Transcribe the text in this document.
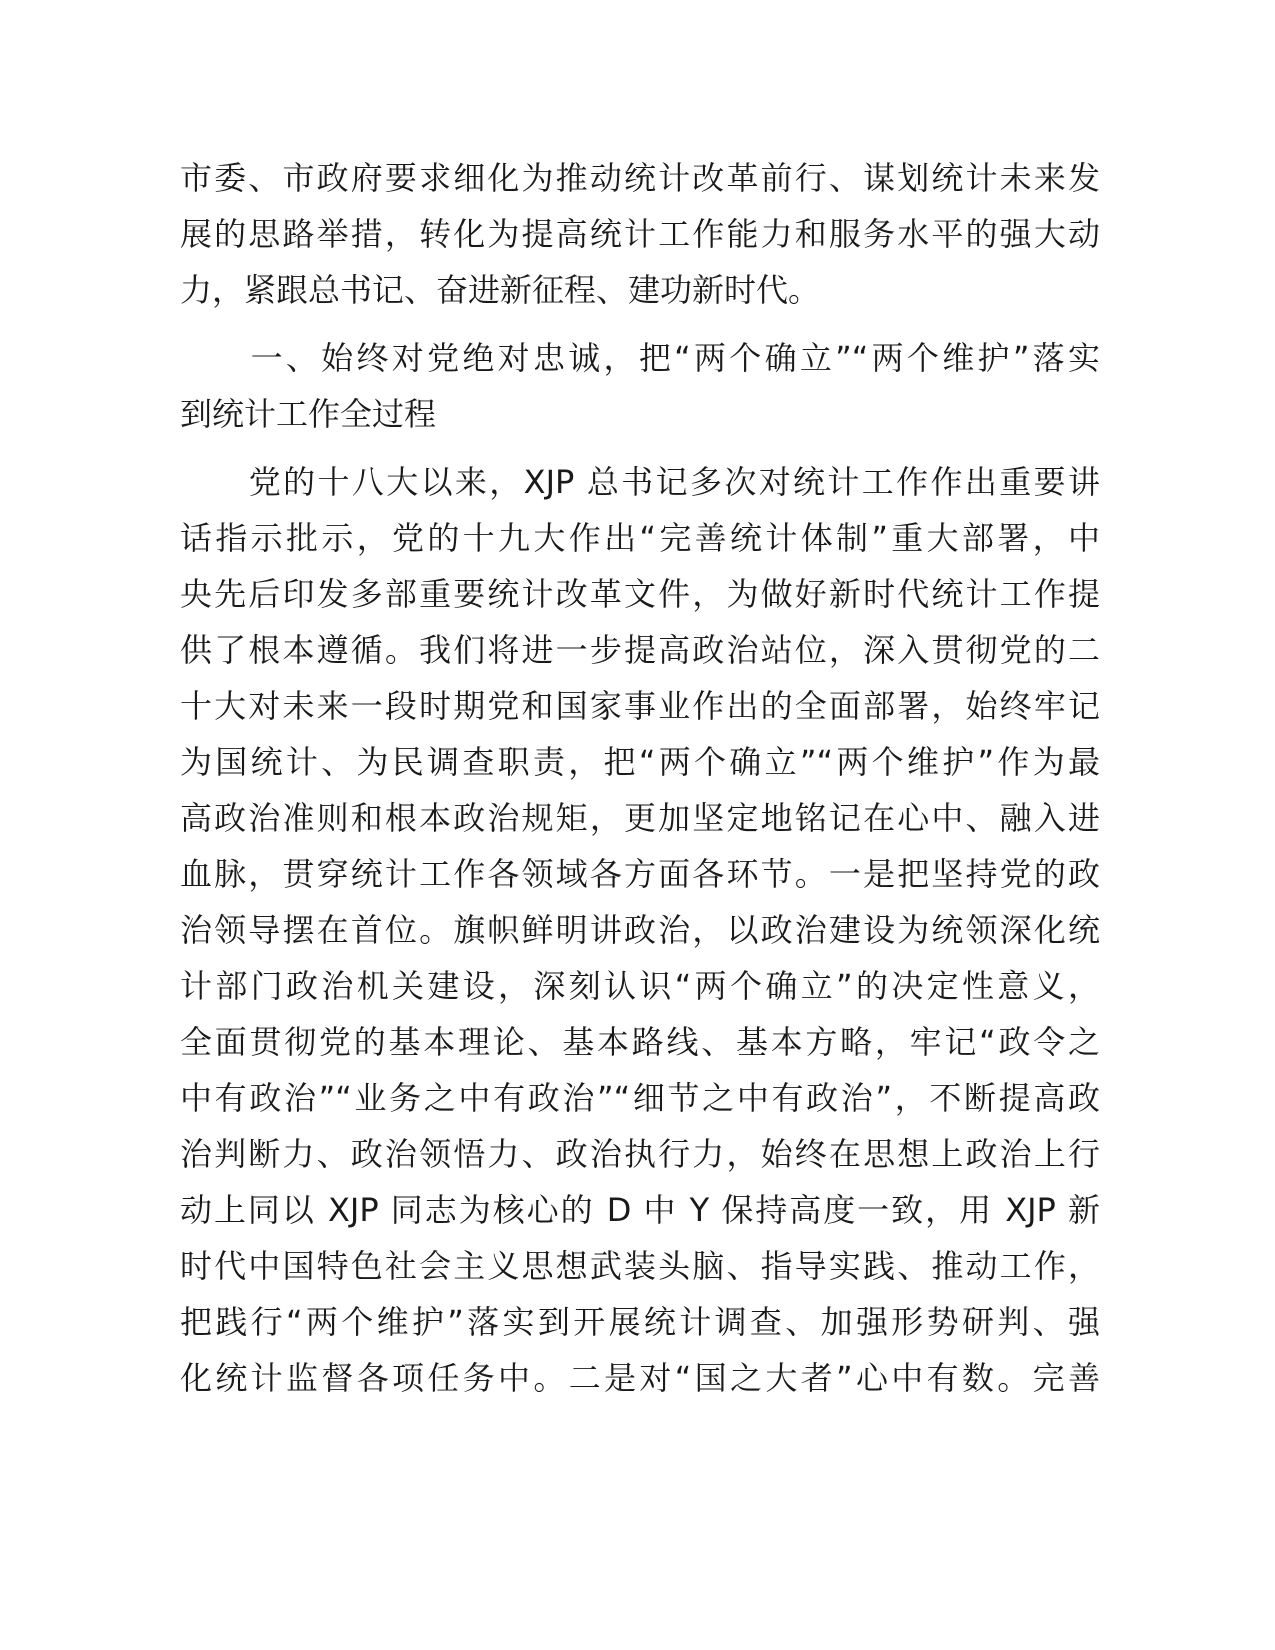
市委、市政府要求细化为推动统计改革前行、谋划统计未来发
展的思路举措，转化为提高统计工作能力和服务水平的强大动
力，紧跟总书记、奋进新征程、建功新时代。
　　一、始终对党绝对忠诚，把“两个确立”“两个维护”落实
到统计工作全过程
　　党的十八大以来，XJP 总书记多次对统计工作作出重要讲
话指示批示，党的十九大作出“完善统计体制”重大部署，中
央先后印发多部重要统计改革文件，为做好新时代统计工作提
供了根本遵循。我们将进一步提高政治站位，深入贯彻党的二
十大对未来一段时期党和国家事业作出的全面部署，始终牢记
为国统计、为民调查职责，把“两个确立”“两个维护”作为最
高政治准则和根本政治规矩，更加坚定地铭记在心中、融入进
血脉，贯穿统计工作各领域各方面各环节。一是把坚持党的政
治领导摆在首位。旗帜鲜明讲政治，以政治建设为统领深化统
计部门政治机关建设，深刻认识“两个确立”的决定性意义，
全面贯彻党的基本理论、基本路线、基本方略，牢记“政令之
中有政治”“业务之中有政治”“细节之中有政治”，不断提高政
治判断力、政治领悟力、政治执行力，始终在思想上政治上行
动上同以 XJP 同志为核心的 D 中 Y 保持高度一致，用 XJP 新
时代中国特色社会主义思想武装头脑、指导实践、推动工作，
把践行“两个维护”落实到开展统计调查、加强形势研判、强
化统计监督各项任务中。二是对“国之大者”心中有数。完善
